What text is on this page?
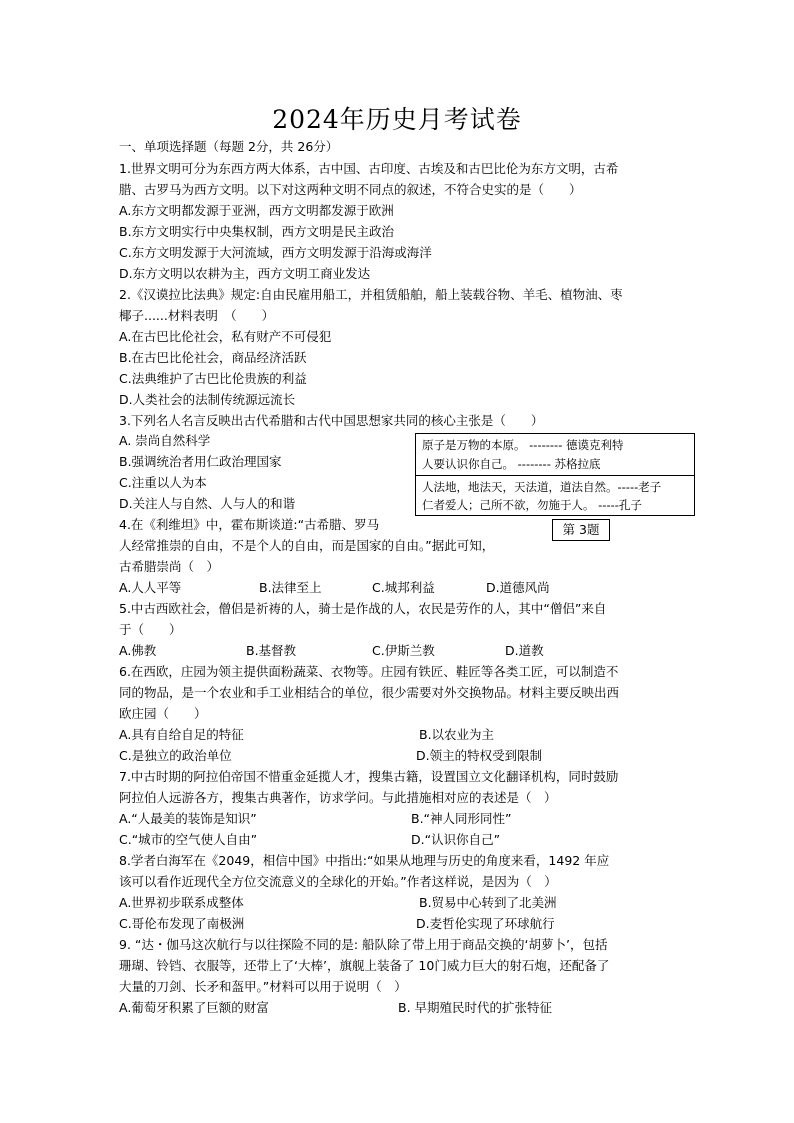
2024年历史月考试卷
一、单项选择题（每题 2分，共 26分）
1.世界文明可分为东西方两大体系，古中国、古印度、古埃及和古巴比伦为东方文明，古希
腊、古罗马为西方文明。以下对这两种文明不同点的叙述，不符合史实的是（　　）
A.东方文明都发源于亚洲，西方文明都发源于欧洲
B.东方文明实行中央集权制，西方文明是民主政治
C.东方文明发源于大河流域，西方文明发源于沿海或海洋
D.东方文明以农耕为主，西方文明工商业发达
2.《汉谟拉比法典》规定:自由民雇用船工，并租赁船舶，船上装载谷物、羊毛、植物油、枣
椰子......材料表明　（　　）
A.在古巴比伦社会，私有财产不可侵犯
B.在古巴比伦社会，商品经济活跃
C.法典维护了古巴比伦贵族的利益
D.人类社会的法制传统源远流长
3.下列名人名言反映出古代希腊和古代中国思想家共同的核心主张是（　　）
A. 崇尚自然科学
B.强调统治者用仁政治理国家
C.注重以人为本
D.关注人与自然、人与人的和谐
原子是万物的本原。 -------- 德谟克利特
人要认识你自己。 -------- 苏格拉底
人法地，地法天，天法道，道法自然。-----老子
仁者爱人；己所不欲，勿施于人。 -----孔子
第 3题
4.在《利维坦》中，霍布斯谈道:“古希腊、罗马
人经常推崇的自由，不是个人的自由，而是国家的自由。”据此可知，
古希腊崇尚（　）
A.人人平等	B.法律至上	C.城邦利益	D.道德风尚
5.中古西欧社会，僧侣是祈祷的人，骑士是作战的人，农民是劳作的人，其中“僧侣”来自
于（　　）
A.佛教	B.基督教	C.伊斯兰教	D.道教
6.在西欧，庄园为领主提供面粉蔬菜、衣物等。庄园有铁匠、鞋匠等各类工匠，可以制造不
同的物品，是一个农业和手工业相结合的单位，很少需要对外交换物品。材料主要反映出西
欧庄园（　　）
A.具有自给自足的特征	B.以农业为主
C.是独立的政治单位	D.领主的特权受到限制
7.中古时期的阿拉伯帝国不惜重金延揽人才，搜集古籍，设置国立文化翻译机构，同时鼓励
阿拉伯人远游各方，搜集古典著作，访求学问。与此措施相对应的表述是（　）
A.“人最美的装饰是知识”	B.“神人同形同性”
C.“城市的空气使人自由”	D.“认识你自己”
8.学者白海军在《2049，相信中国》中指出:“如果从地理与历史的角度来看，1492 年应
该可以看作近现代全方位交流意义的全球化的开始。”作者这样说，是因为（　）
A.世界初步联系成整体	B.贸易中心转到了北美洲
C.哥伦布发现了南极洲	D.麦哲伦实现了环球航行
9. “达・伽马这次航行与以往探险不同的是: 船队除了带上用于商品交换的‘胡萝卜’，包括
珊瑚、铃铛、衣服等，还带上了‘大棒’，旗舰上装备了 10门威力巨大的射石炮，还配备了
大量的刀剑、长矛和盔甲。”材料可以用于说明（　）
A.葡萄牙积累了巨额的财富	B. 早期殖民时代的扩张特征
